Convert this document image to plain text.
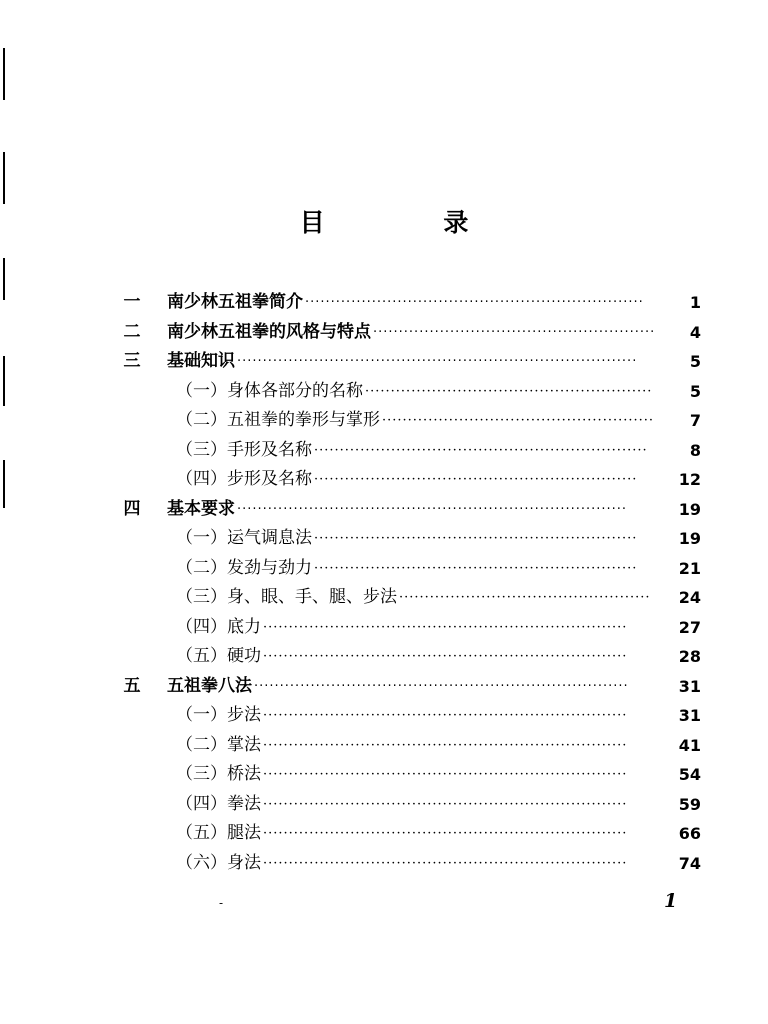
目 录
一 南少林五祖拳简介 ··································································	1
二 南少林五祖拳的风格与特点 ·······················································	4
三 基础知识 ··············································································	5
（一）身体各部分的名称 ························································	5
（二）五祖拳的拳形与掌形 ·····················································	7
（三）手形及名称 ·································································	8
（四）步形及名称 ·······························································	12
四 基本要求 ············································································	19
（一）运气调息法 ·······························································	19
（二）发劲与劲力 ·······························································	21
（三）身、眼、手、腿、步法 ·················································	24
（四）底力 ·······································································	27
（五）硬功 ·······································································	28
五 五祖拳八法 ·········································································	31
（一）步法 ·······································································	31
（二）掌法 ·······································································	41
（三）桥法 ·······································································	54
（四）拳法 ·······································································	59
（五）腿法 ·······································································	66
（六）身法 ·······································································	74
-	1
